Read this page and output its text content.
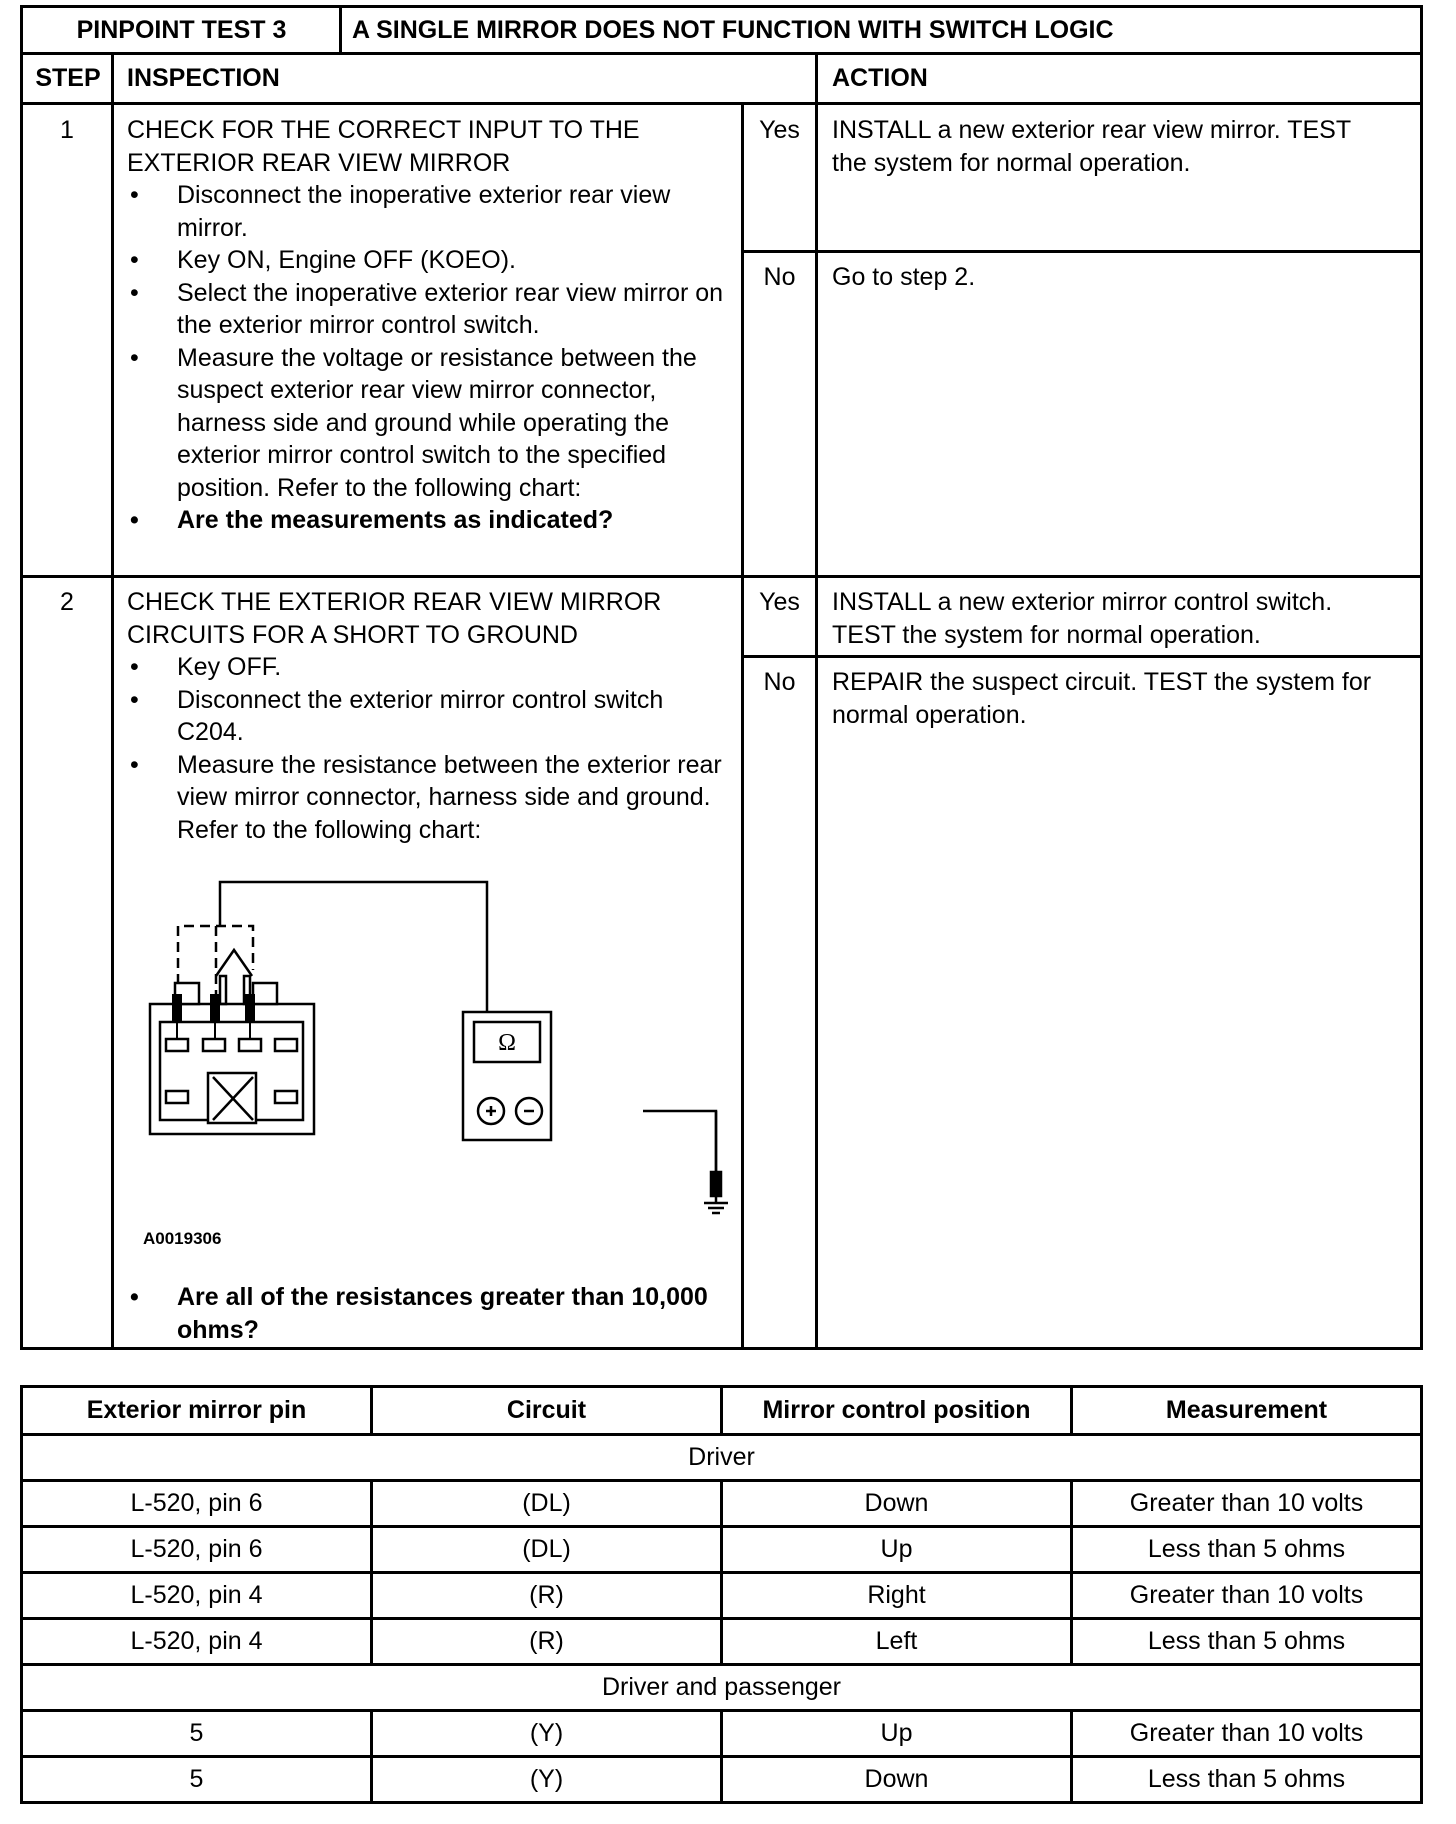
PINPOINT TEST 3	A SINGLE MIRROR DOES NOT FUNCTION WITH SWITCH LOGIC
STEP INSPECTION	ACTION
1	CHECK FOR THE CORRECT INPUT TO THE EXTERIOR REAR VIEW MIRROR
• Disconnect the inoperative exterior rear view mirror.
• Key ON, Engine OFF (KOEO).
• Select the inoperative exterior rear view mirror on the exterior mirror control switch.
• Measure the voltage or resistance between the suspect exterior rear view mirror connector, harness side and ground while operating the exterior mirror control switch to the specified position. Refer to the following chart:
• Are the measurements as indicated?
Yes	INSTALL a new exterior rear view mirror. TEST the system for normal operation.
No	Go to step 2.
2	CHECK THE EXTERIOR REAR VIEW MIRROR CIRCUITS FOR A SHORT TO GROUND
• Key OFF.
• Disconnect the exterior mirror control switch C204.
• Measure the resistance between the exterior rear view mirror connector, harness side and ground. Refer to the following chart:
Ω
A0019306
• Are all of the resistances greater than 10,000 ohms?
Yes	INSTALL a new exterior mirror control switch. TEST the system for normal operation.
No	REPAIR the suspect circuit. TEST the system for normal operation.
Exterior mirror pin	Circuit	Mirror control position	Measurement
Driver			
L-520, pin 6	(DL)	Down	Greater than 10 volts
L-520, pin 6	(DL)	Up	Less than 5 ohms
L-520, pin 4	(R)	Right	Greater than 10 volts
L-520, pin 4	(R)	Left	Less than 5 ohms
Driver and passenger			
5	(Y)	Up	Greater than 10 volts
5	(Y)	Down	Less than 5 ohms
